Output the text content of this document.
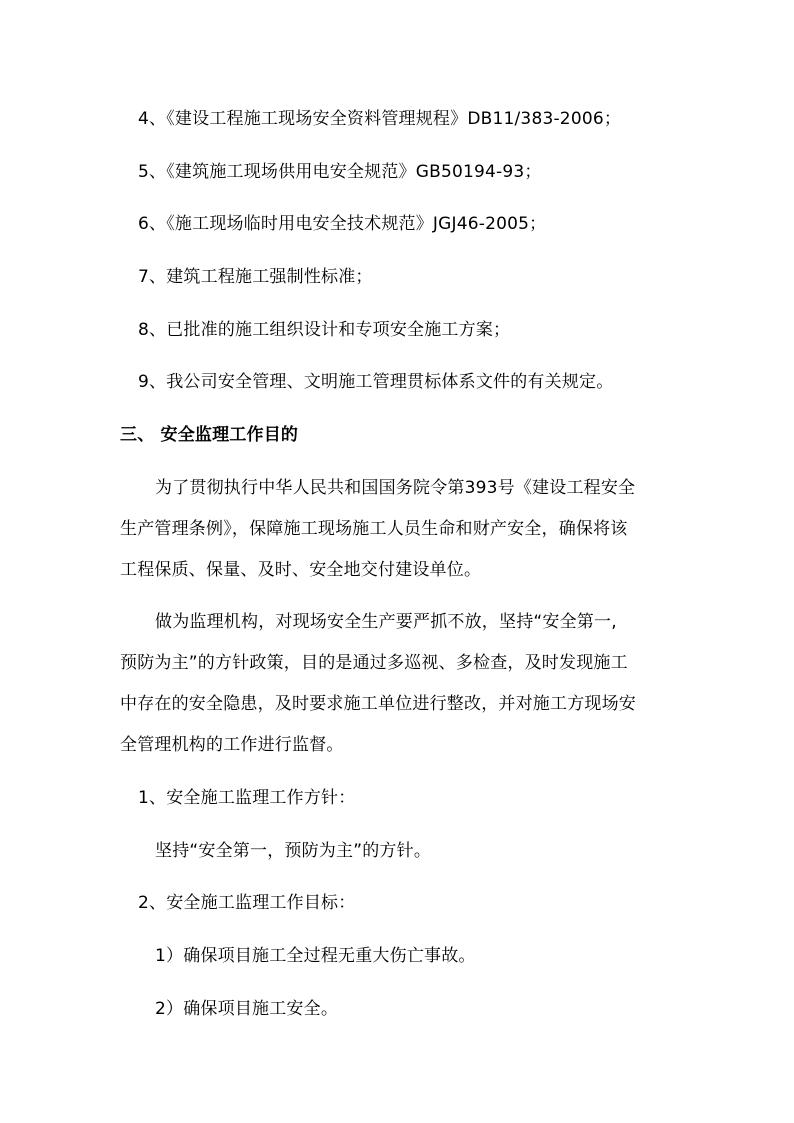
4、《建设工程施工现场安全资料管理规程》DB11/383-2006；
5、《建筑施工现场供用电安全规范》GB50194-93；
6、《施工现场临时用电安全技术规范》JGJ46-2005；
7、建筑工程施工强制性标准；
8、已批准的施工组织设计和专项安全施工方案；
9、我公司安全管理、文明施工管理贯标体系文件的有关规定。
三、 安全监理工作目的
为了贯彻执行中华人民共和国国务院令第393号《建设工程安全
生产管理条例》，保障施工现场施工人员生命和财产安全，确保将该
工程保质、保量、及时、安全地交付建设单位。
做为监理机构，对现场安全生产要严抓不放，坚持“安全第一,
预防为主”的方针政策，目的是通过多巡视、多检查，及时发现施工
中存在的安全隐患，及时要求施工单位进行整改，并对施工方现场安
全管理机构的工作进行监督。
1、安全施工监理工作方针：
坚持“安全第一，预防为主”的方针。
2、安全施工监理工作目标：
1）确保项目施工全过程无重大伤亡事故。
2）确保项目施工安全。
